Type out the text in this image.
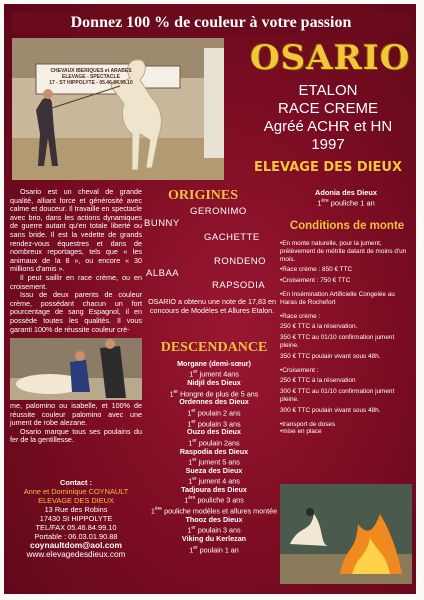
Donnez 100 % de couleur à votre passion
CHEVAUX IBERIQUES et ARABES
ELEVAGE - SPECTACLE
17 - ST HIPPOLYTE - 05.46.84.99.10
OSARIO
ETALON
RACE CREME
Agréé ACHR et HN
1997
ELEVAGE DES DIEUX
Osario est un cheval de grande qualité, alliant force et générosité avec calme et douceur. Il travaille en spectacle avec brio, dans les actions dynamiques de guerre autant qu'en totale liberté ou sans bride. Il est la vedette de grands rendez-vous équestres et dans de nombreux reportages, tels que « les animaux de la 8 », ou encore « 30 millions d'amis ».
Il peut saillir en race crème, ou en croisement.
Issu de deux parents de couleur crème, possédant chacun un fort pourcentage de sang Espagnol, il en possède toutes les qualités. Il vous garanti 100% de réussite couleur crè-
me, palomino ou isabelle, et 100% de réussite couleur palomino avec une jument de robe alezane.
Osario marque tous ses poulains du fer de la gentillesse.
Contact :
Anne et Dominique COYNAULT
ELEVAGE DES DIEUX
13 Rue des Robins
17430 St HIPPOLYTE
TEL/FAX 05.46.84.99.10
Portable : 06.03.01.90.88
coynaultdom@aol.com
www.elevagedesdieux.com
ORIGINES
BUNNY
GERONIMO
GACHETTE
ALBAA
RONDENO
RAPSODIA
OSARIO a obtenu une note de 17,83 en concours de Modèles et Allures Etalon.
DESCENDANCE
Morgane (demi-sœur)
1er jument 4ans
Nidjil des Dieux
1er Hongre de plus de 5 ans
Ordennes des Dieux
1er poulain 2 ans
1er poulain 3 ans
Ouzo des Dieux
1er poulain 2ans
Raspodia des Dieux
1er jument 5 ans
Sueza des Dieux
1er jument 4 ans
Tadjoura des Dieux
1ère pouliche 3 ans
1ère pouliche modèles et allures montée
Thooz des Dieux
1er poulain 3 ans
Viking du Kerlezan
1er poulain 1 an
Adonia des Dieux
1ère pouliche 1 an
Conditions de monte
•En monte naturelle, pour la jument, prélèvement de métrite datant de moins d'un mois.
•Race crème : 850 € TTC
•Croisement : 750 € TTC
•En Insémination Artificielle Congelée au Haras de Rochefort
•Race crème :
250 € TTC à la réservation.
350 € TTC au 01/10 confirmation jument pleine.
350 € TTC poulain vivant sous 48h.
•Croisement :
250 € TTC à la réservation
300 € TTC au 01/10 confirmation jument pleine.
300 € TTC poulain vivant sous 48h.
•transport de doses
•mise en place
